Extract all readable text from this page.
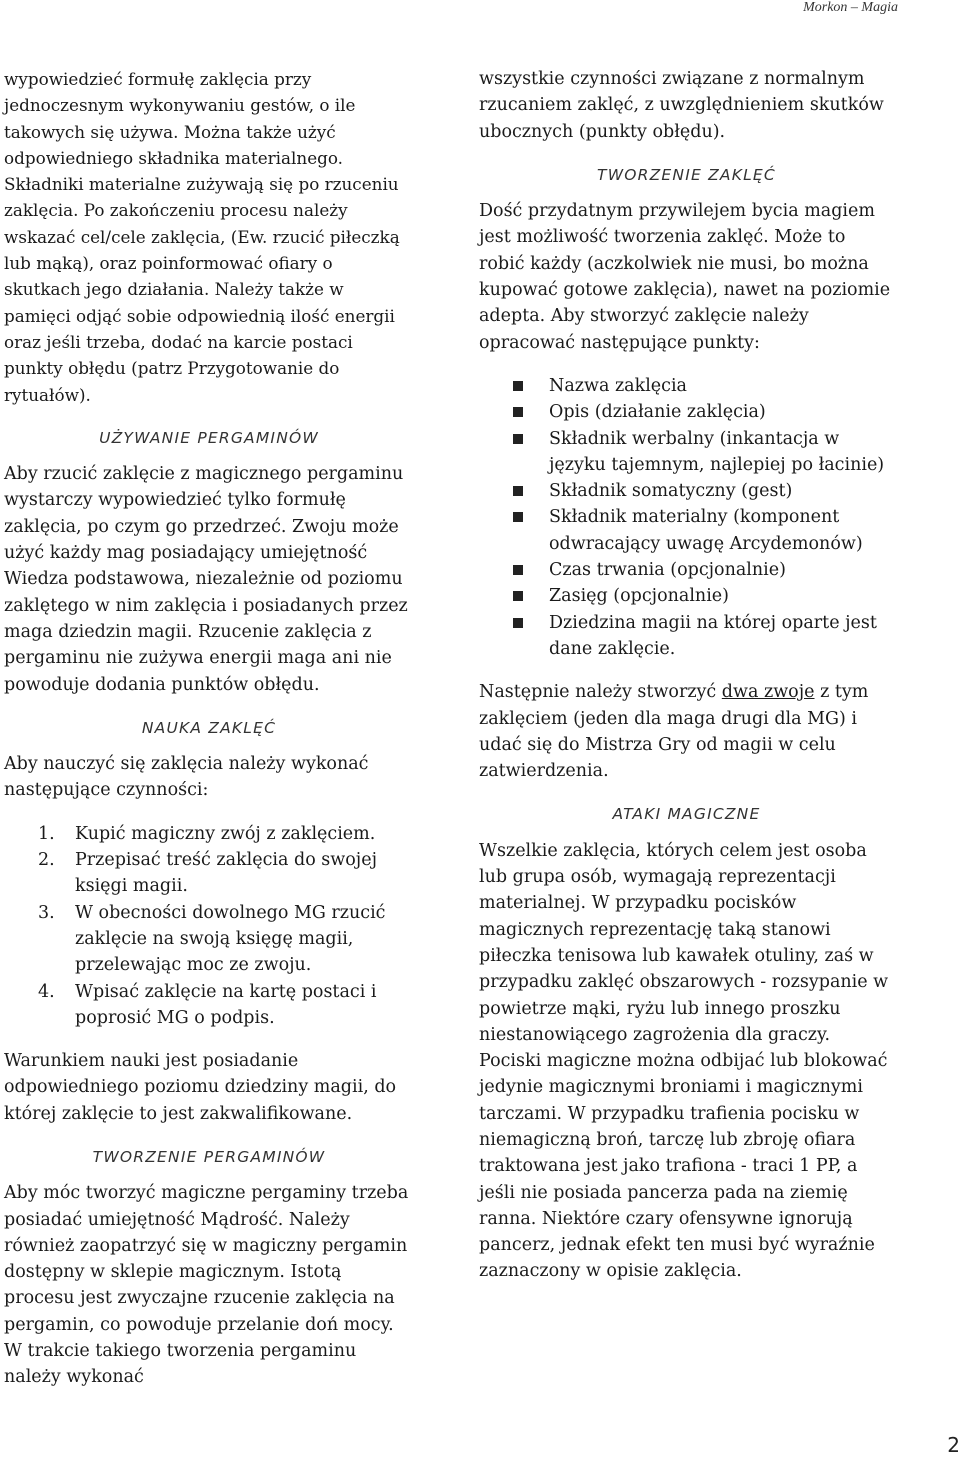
Morkon – Magia

wypowiedzieć formułę zaklęcia przy jednoczesnym wykonywaniu gestów, o ile takowych się używa. Można także użyć odpowiedniego składnika materialnego. Składniki materialne zużywają się po rzuceniu zaklęcia. Po zakończeniu procesu należy wskazać cel/cele zaklęcia, (Ew. rzucić piłeczką lub mąką), oraz poinformować ofiary o skutkach jego działania. Należy także w pamięci odjąć sobie odpowiednią ilość energii oraz jeśli trzeba, dodać na karcie postaci punkty obłędu (patrz Przygotowanie do rytuałów).

UŻYWANIE PERGAMINÓW

Aby rzucić zaklęcie z magicznego pergaminu wystarczy wypowiedzieć tylko formułę zaklęcia, po czym go przedrzeć. Zwoju może użyć każdy mag posiadający umiejętność Wiedza podstawowa, niezależnie od poziomu zaklętego w nim zaklęcia i posiadanych przez maga dziedzin magii. Rzucenie zaklęcia z pergaminu nie zużywa energii maga ani nie powoduje dodania punktów obłędu.

NAUKA ZAKLĘĆ

Aby nauczyć się zaklęcia należy wykonać następujące czynności:

1. Kupić magiczny zwój z zaklęciem.
2. Przepisać treść zaklęcia do swojej księgi magii.
3. W obecności dowolnego MG rzucić zaklęcie na swoją księgę magii, przelewając moc ze zwoju.
4. Wpisać zaklęcie na kartę postaci i poprosić MG o podpis.

Warunkiem nauki jest posiadanie odpowiedniego poziomu dziedziny magii, do której zaklęcie to jest zakwalifikowane.

TWORZENIE PERGAMINÓW

Aby móc tworzyć magiczne pergaminy trzeba posiadać umiejętność Mądrość. Należy również zaopatrzyć się w magiczny pergamin dostępny w sklepie magicznym. Istotą procesu jest zwyczajne rzucenie zaklęcia na pergamin, co powoduje przelanie doń mocy. W trakcie takiego tworzenia pergaminu należy wykonać

wszystkie czynności związane z normalnym rzucaniem zaklęć, z uwzględnieniem skutków ubocznych (punkty obłędu).

TWORZENIE ZAKLĘĆ

Dość przydatnym przywilejem bycia magiem jest możliwość tworzenia zaklęć. Może to robić każdy (aczkolwiek nie musi, bo można kupować gotowe zaklęcia), nawet na poziomie adepta. Aby stworzyć zaklęcie należy opracować następujące punkty:

Nazwa zaklęcia
Opis (działanie zaklęcia)
Składnik werbalny (inkantacja w języku tajemnym, najlepiej po łacinie)
Składnik somatyczny (gest)
Składnik materialny (komponent odwracający uwagę Arcydemonów)
Czas trwania (opcjonalnie)
Zasięg (opcjonalnie)
Dziedzina magii na której oparte jest dane zaklęcie.

Następnie należy stworzyć dwa zwoje z tym zaklęciem (jeden dla maga drugi dla MG) i udać się do Mistrza Gry od magii w celu zatwierdzenia.

ATAKI MAGICZNE

Wszelkie zaklęcia, których celem jest osoba lub grupa osób, wymagają reprezentacji materialnej. W przypadku pocisków magicznych reprezentację taką stanowi piłeczka tenisowa lub kawałek otuliny, zaś w przypadku zaklęć obszarowych - rozsypanie w powietrze mąki, ryżu lub innego proszku niestanowiącego zagrożenia dla graczy. Pociski magiczne można odbijać lub blokować jedynie magicznymi broniami i magicznymi tarczami. W przypadku trafienia pocisku w niemagiczną broń, tarczę lub zbroję ofiara traktowana jest jako trafiona - traci 1 PP, a jeśli nie posiada pancerza pada na ziemię ranna. Niektóre czary ofensywne ignorują pancerz, jednak efekt ten musi być wyraźnie zaznaczony w opisie zaklęcia.

2
